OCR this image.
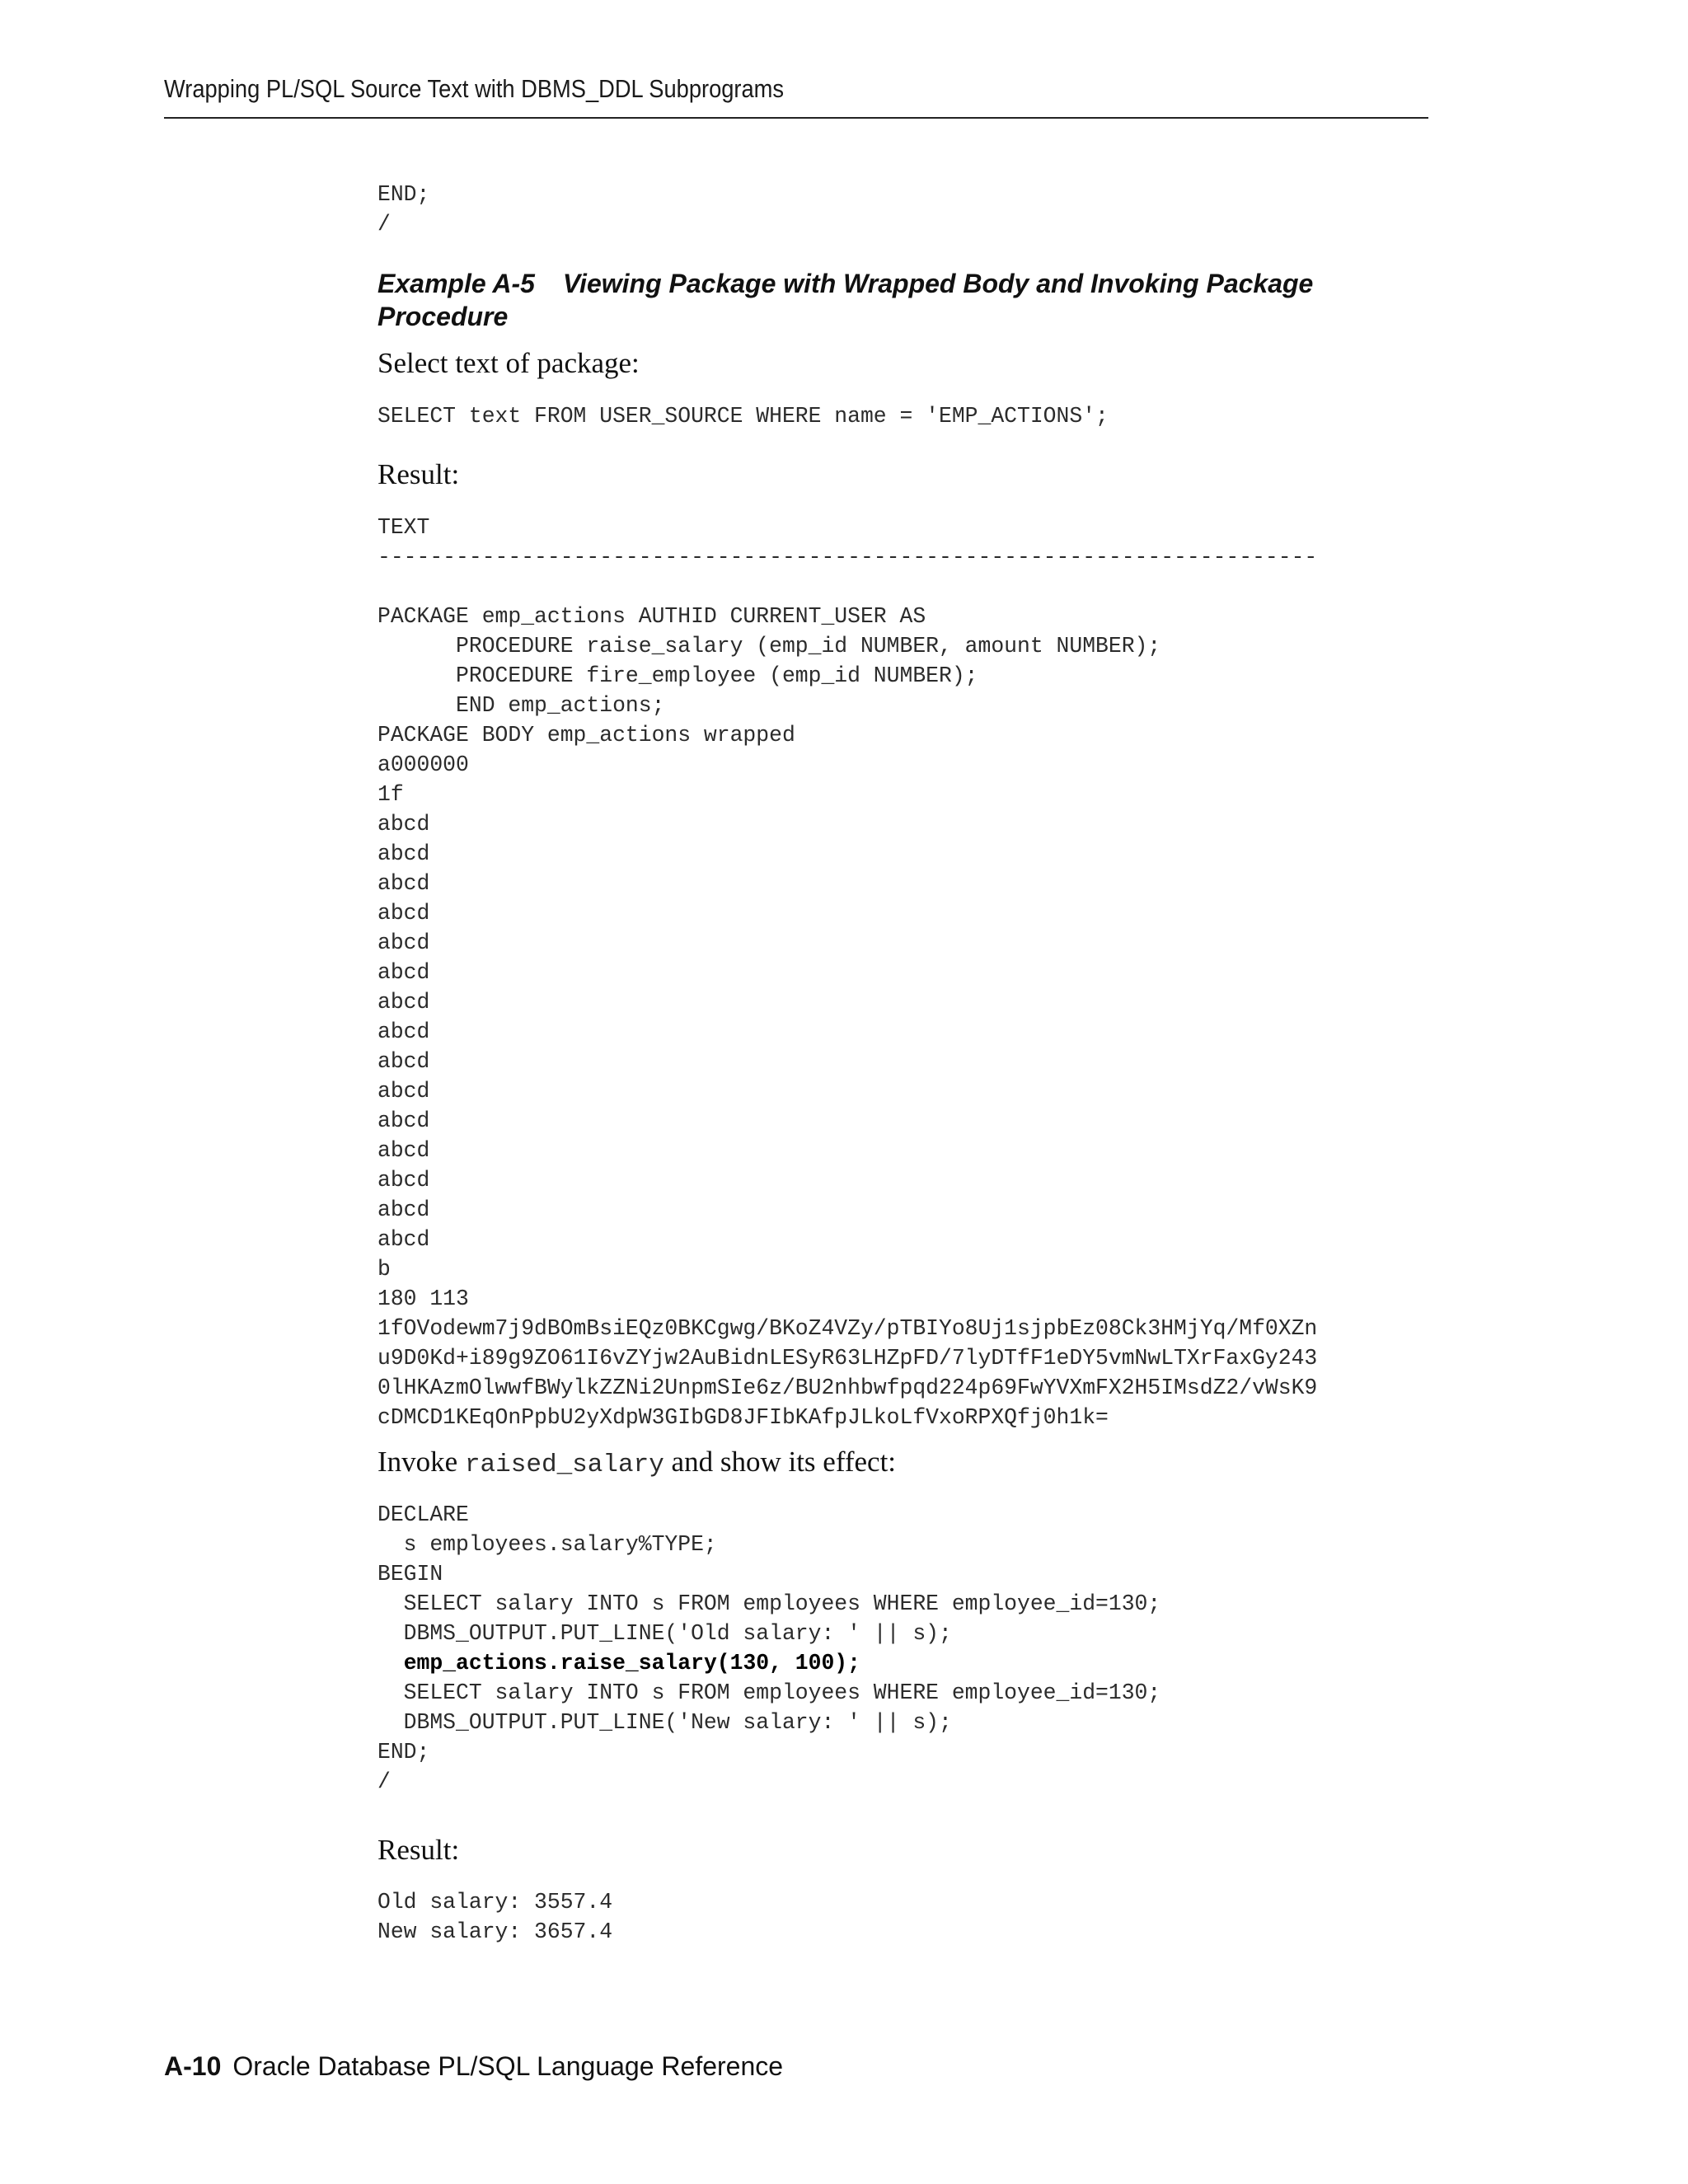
Wrapping PL/SQL Source Text with DBMS_DDL Subprograms
END;
/
Example A-5 Viewing Package with Wrapped Body and Invoking Package
Procedure
Select text of package:
SELECT text FROM USER_SOURCE WHERE name = 'EMP_ACTIONS';
Result:
TEXT
------------------------------------------------------------------------
PACKAGE emp_actions AUTHID CURRENT_USER AS
PROCEDURE raise_salary (emp_id NUMBER, amount NUMBER);
PROCEDURE fire_employee (emp_id NUMBER);
END emp_actions;
PACKAGE BODY emp_actions wrapped
a000000
1f
abcd
abcd
abcd
abcd
abcd
abcd
abcd
abcd
abcd
abcd
abcd
abcd
abcd
abcd
abcd
b
180 113
1fOVodewm7j9dBOmBsiEQz0BKCgwg/BKoZ4VZy/pTBIYo8Uj1sjpbEz08Ck3HMjYq/Mf0XZn
u9D0Kd+i89g9ZO61I6vZYjw2AuBidnLESyR63LHZpFD/7lyDTfF1eDY5vmNwLTXrFaxGy243
0lHKAzmOlwwfBWylkZZNi2UnpmSIe6z/BU2nhbwfpqd224p69FwYVXmFX2H5IMsdZ2/vWsK9
cDMCD1KEqOnPpbU2yXdpW3GIbGD8JFIbKAfpJLkoLfVxoRPXQfj0h1k=
Invoke raised_salary and show its effect:
DECLARE
s employees.salary%TYPE;
BEGIN
SELECT salary INTO s FROM employees WHERE employee_id=130;
DBMS_OUTPUT.PUT_LINE('Old salary: ' || s);
emp_actions.raise_salary(130, 100);
SELECT salary INTO s FROM employees WHERE employee_id=130;
DBMS_OUTPUT.PUT_LINE('New salary: ' || s);
END;
/
Result:
Old salary: 3557.4
New salary: 3657.4
A-10 Oracle Database PL/SQL Language Reference
